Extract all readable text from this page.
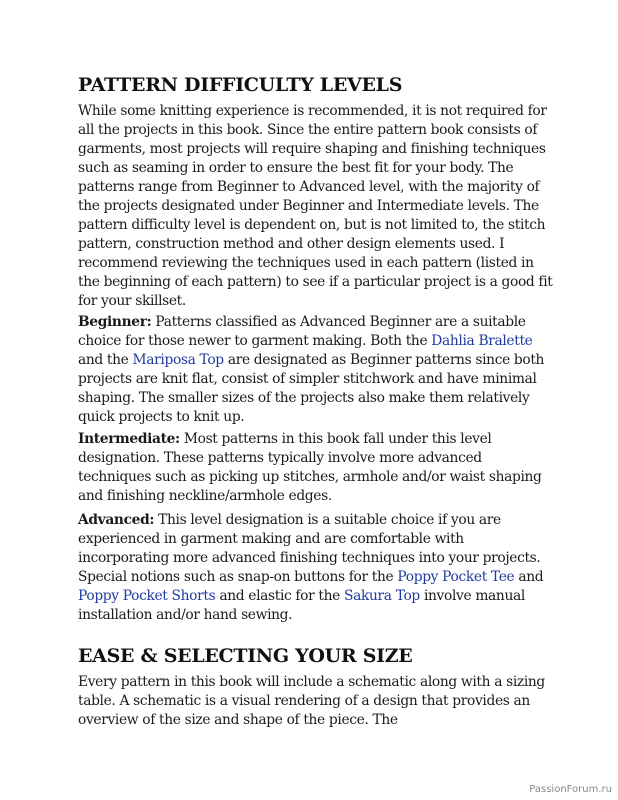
PATTERN DIFFICULTY LEVELS

While some knitting experience is recommended, it is not required for all the projects in this book. Since the entire pattern book consists of garments, most projects will require shaping and finishing techniques such as seaming in order to ensure the best fit for your body. The patterns range from Beginner to Advanced level, with the majority of the projects designated under Beginner and Intermediate levels. The pattern difficulty level is dependent on, but is not limited to, the stitch pattern, construction method and other design elements used. I recommend reviewing the techniques used in each pattern (listed in the beginning of each pattern) to see if a particular project is a good fit for your skillset.

Beginner: Patterns classified as Advanced Beginner are a suitable choice for those newer to garment making. Both the Dahlia Bralette and the Mariposa Top are designated as Beginner patterns since both projects are knit flat, consist of simpler stitchwork and have minimal shaping. The smaller sizes of the projects also make them relatively quick projects to knit up.

Intermediate: Most patterns in this book fall under this level designation. These patterns typically involve more advanced techniques such as picking up stitches, armhole and/or waist shaping and finishing neckline/armhole edges.

Advanced: This level designation is a suitable choice if you are experienced in garment making and are comfortable with incorporating more advanced finishing techniques into your projects. Special notions such as snap-on buttons for the Poppy Pocket Tee and Poppy Pocket Shorts and elastic for the Sakura Top involve manual installation and/or hand sewing.

EASE & SELECTING YOUR SIZE

Every pattern in this book will include a schematic along with a sizing table. A schematic is a visual rendering of a design that provides an overview of the size and shape of the piece. The

PassionForum.ru
